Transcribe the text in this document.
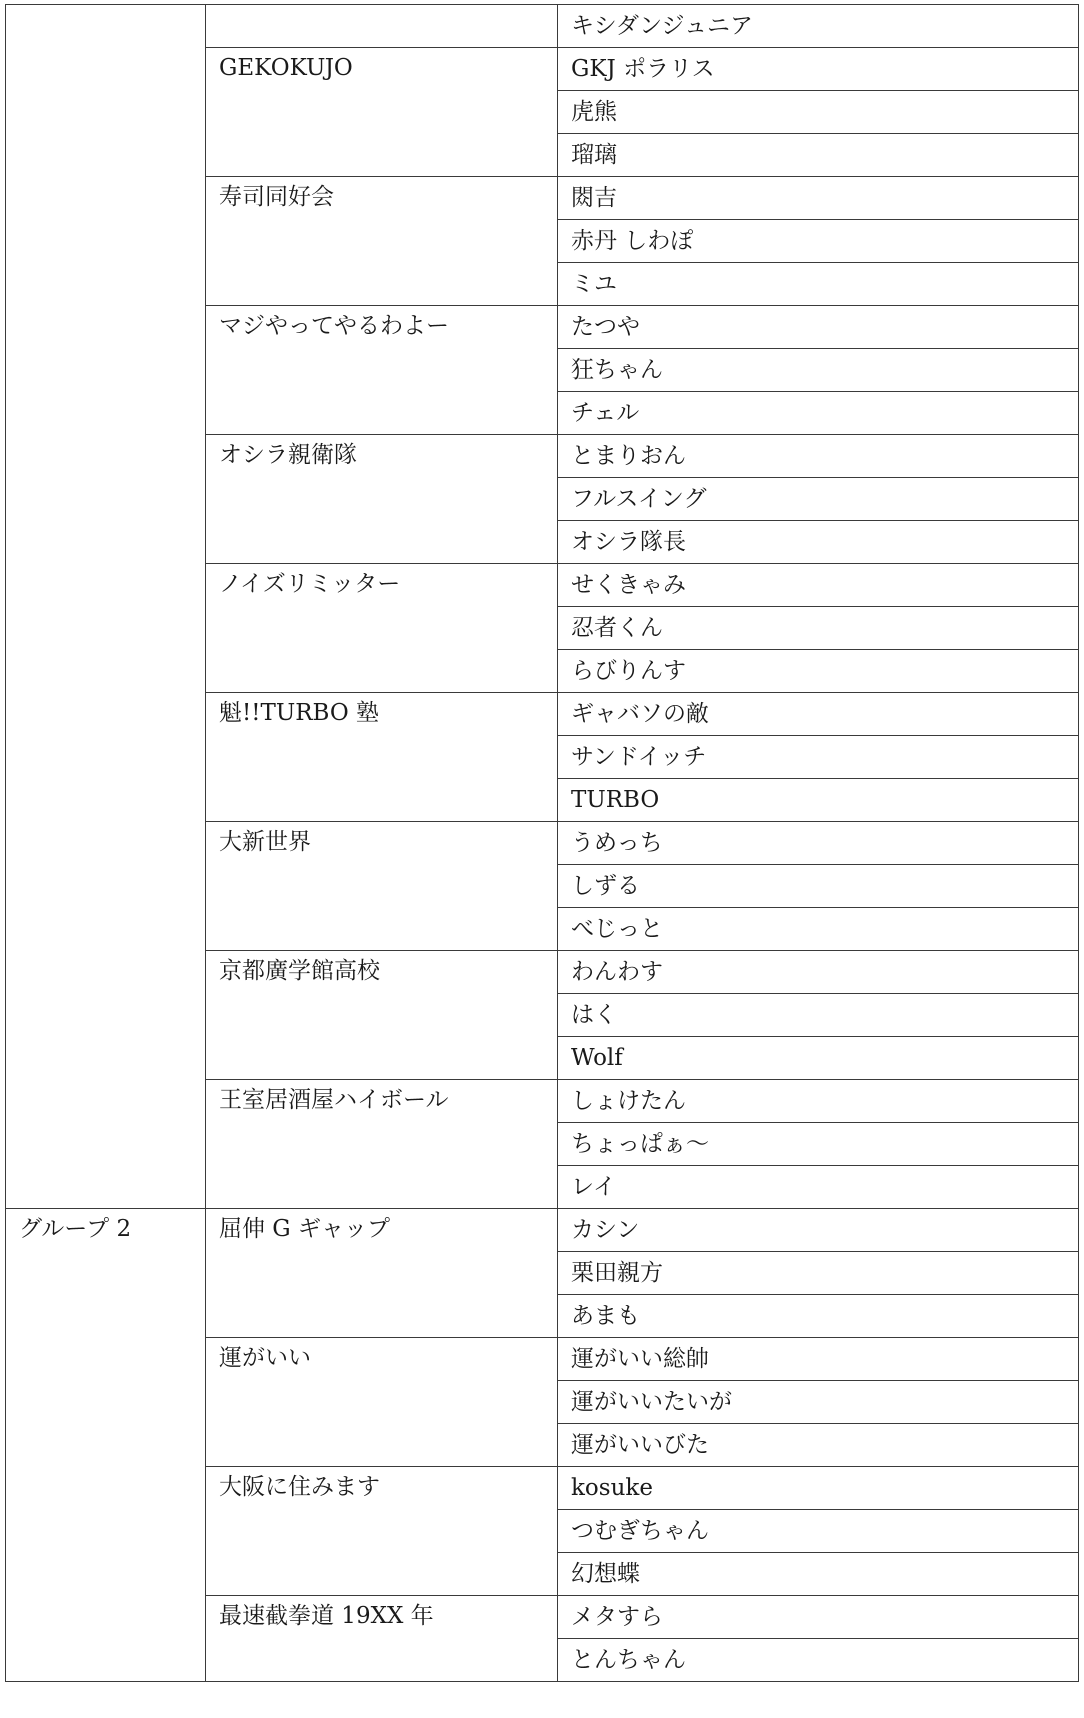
		キシダンジュニア
	GEKOKUJO	GKJ ポラリス
		虎熊
		瑠璃
	寿司同好会	閦吉
		赤丹 しわぽ
		ミユ
	マジやってやるわよー	たつや
		狂ちゃん
		チェル
	オシラ親衛隊	とまりおん
		フルスイング
		オシラ隊長
	ノイズリミッター	せくきゃみ
		忍者くん
		らびりんす
	魁!!TURBO 塾	ギャバソの敵
		サンドイッチ
		TURBO
	大新世界	うめっち
		しずる
		べじっと
	京都廣学館高校	わんわす
		はく
		Wolf
	王室居酒屋ハイボール	しょけたん
		ちょっぱぁ～
		レイ
グループ 2	屈伸 G ギャップ	カシン
		栗田親方
		あまも
	運がいい	運がいい総帥
		運がいいたいが
		運がいいびた
	大阪に住みます	kosuke
		つむぎちゃん
		幻想蝶
	最速截拳道 19XX 年	メタすら
		とんちゃん
